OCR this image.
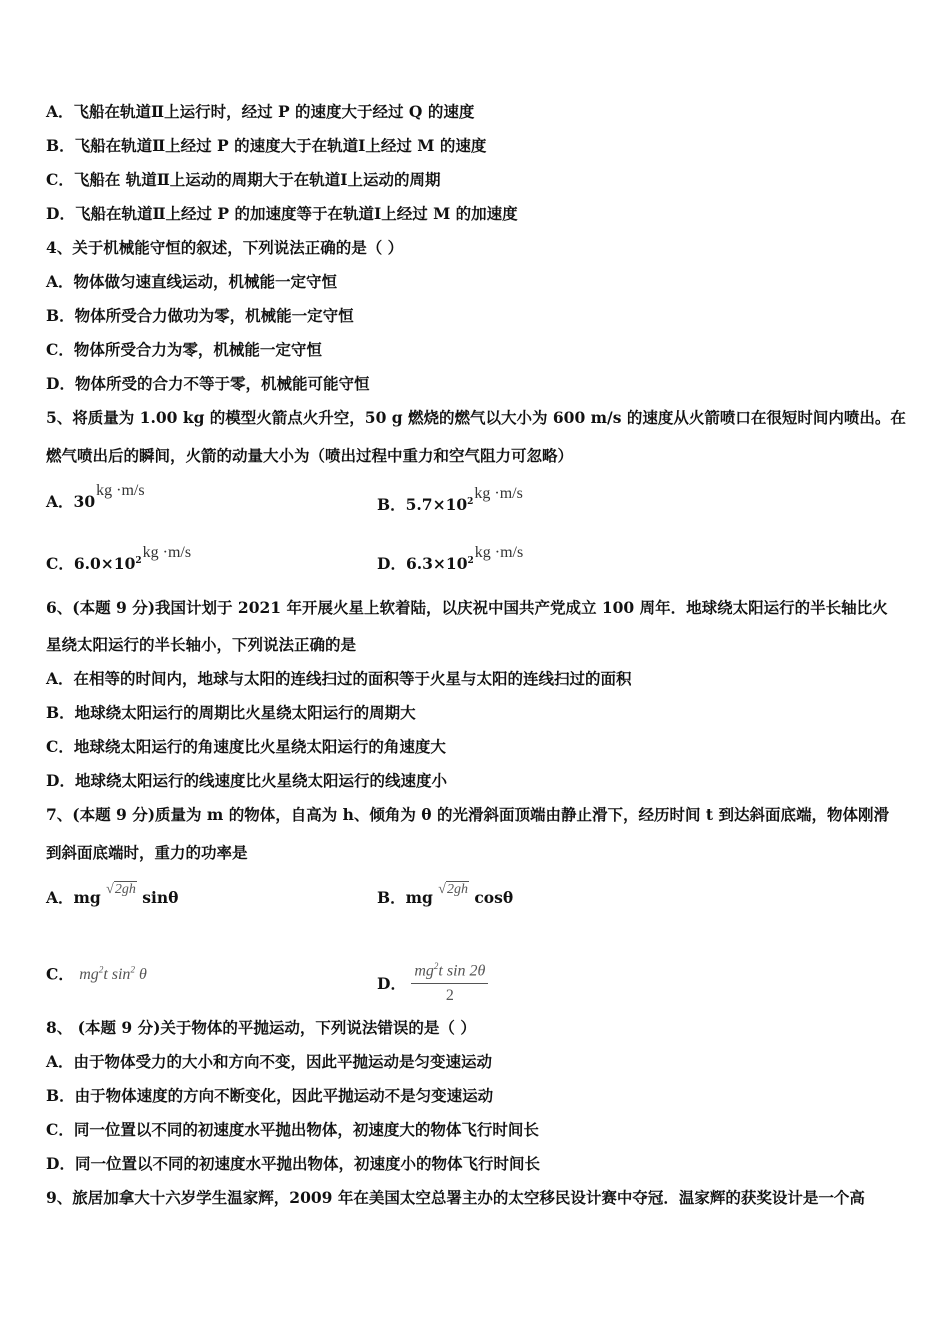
A．飞船在轨道Ⅱ上运行时，经过 P 的速度大于经过 Q 的速度
B．飞船在轨道Ⅱ上经过 P 的速度大于在轨道Ⅰ上经过 M 的速度
C．飞船在 轨道Ⅱ上运动的周期大于在轨道Ⅰ上运动的周期
D．飞船在轨道Ⅱ上经过 P 的加速度等于在轨道Ⅰ上经过 M 的加速度
4、关于机械能守恒的叙述，下列说法正确的是（ ）
A．物体做匀速直线运动，机械能一定守恒
B．物体所受合力做功为零，机械能一定守恒
C．物体所受合力为零，机械能一定守恒
D．物体所受的合力不等于零，机械能可能守恒
5、将质量为 1.00 kg 的模型火箭点火升空，50 g 燃烧的燃气以大小为 600 m/s 的速度从火箭喷口在很短时间内喷出。在
燃气喷出后的瞬间，火箭的动量大小为（喷出过程中重力和空气阻力可忽略）
A．30kg ·m/s
B．$5.7\times 10^2kg \cdot m/s$
C．$6.0\times 10^2kg \cdot m/s$
D．$6.3\times 10^2kg \cdot m/s$
6、(本题 9 分)我国计划于 2021 年开展火星上软着陆，以庆祝中国共产党成立 100 周年．地球绕太阳运行的半长轴比火
星绕太阳运行的半长轴小，下列说法正确的是
A．在相等的时间内，地球与太阳的连线扫过的面积等于火星与太阳的连线扫过的面积
B．地球绕太阳运行的周期比火星绕太阳运行的周期大
C．地球绕太阳运行的角速度比火星绕太阳运行的角速度大
D．地球绕太阳运行的线速度比火星绕太阳运行的线速度小
7、(本题 9 分)质量为 m 的物体，自高为 h、倾角为 θ 的光滑斜面顶端由静止滑下，经历时间 t 到达斜面底端，物体刚滑
到斜面底端时，重力的功率是
A．mg √2gh sinθ	B．mg √2gh cosθ
C． $mg^2t$ $\sin^2 \theta$	D． $\frac{mg^2t \sin 2\theta}{2}$
8、 (本题 9 分)关于物体的平抛运动，下列说法错误的是（ ）
A．由于物体受力的大小和方向不变，因此平抛运动是匀变速运动
B．由于物体速度的方向不断变化，因此平抛运动不是匀变速运动
C．同一位置以不同的初速度水平抛出物体，初速度大的物体飞行时间长
D．同一位置以不同的初速度水平抛出物体，初速度小的物体飞行时间长
9、旅居加拿大十六岁学生温家辉，2009 年在美国太空总署主办的太空移民设计赛中夺冠．温家辉的获奖设计是一个高
